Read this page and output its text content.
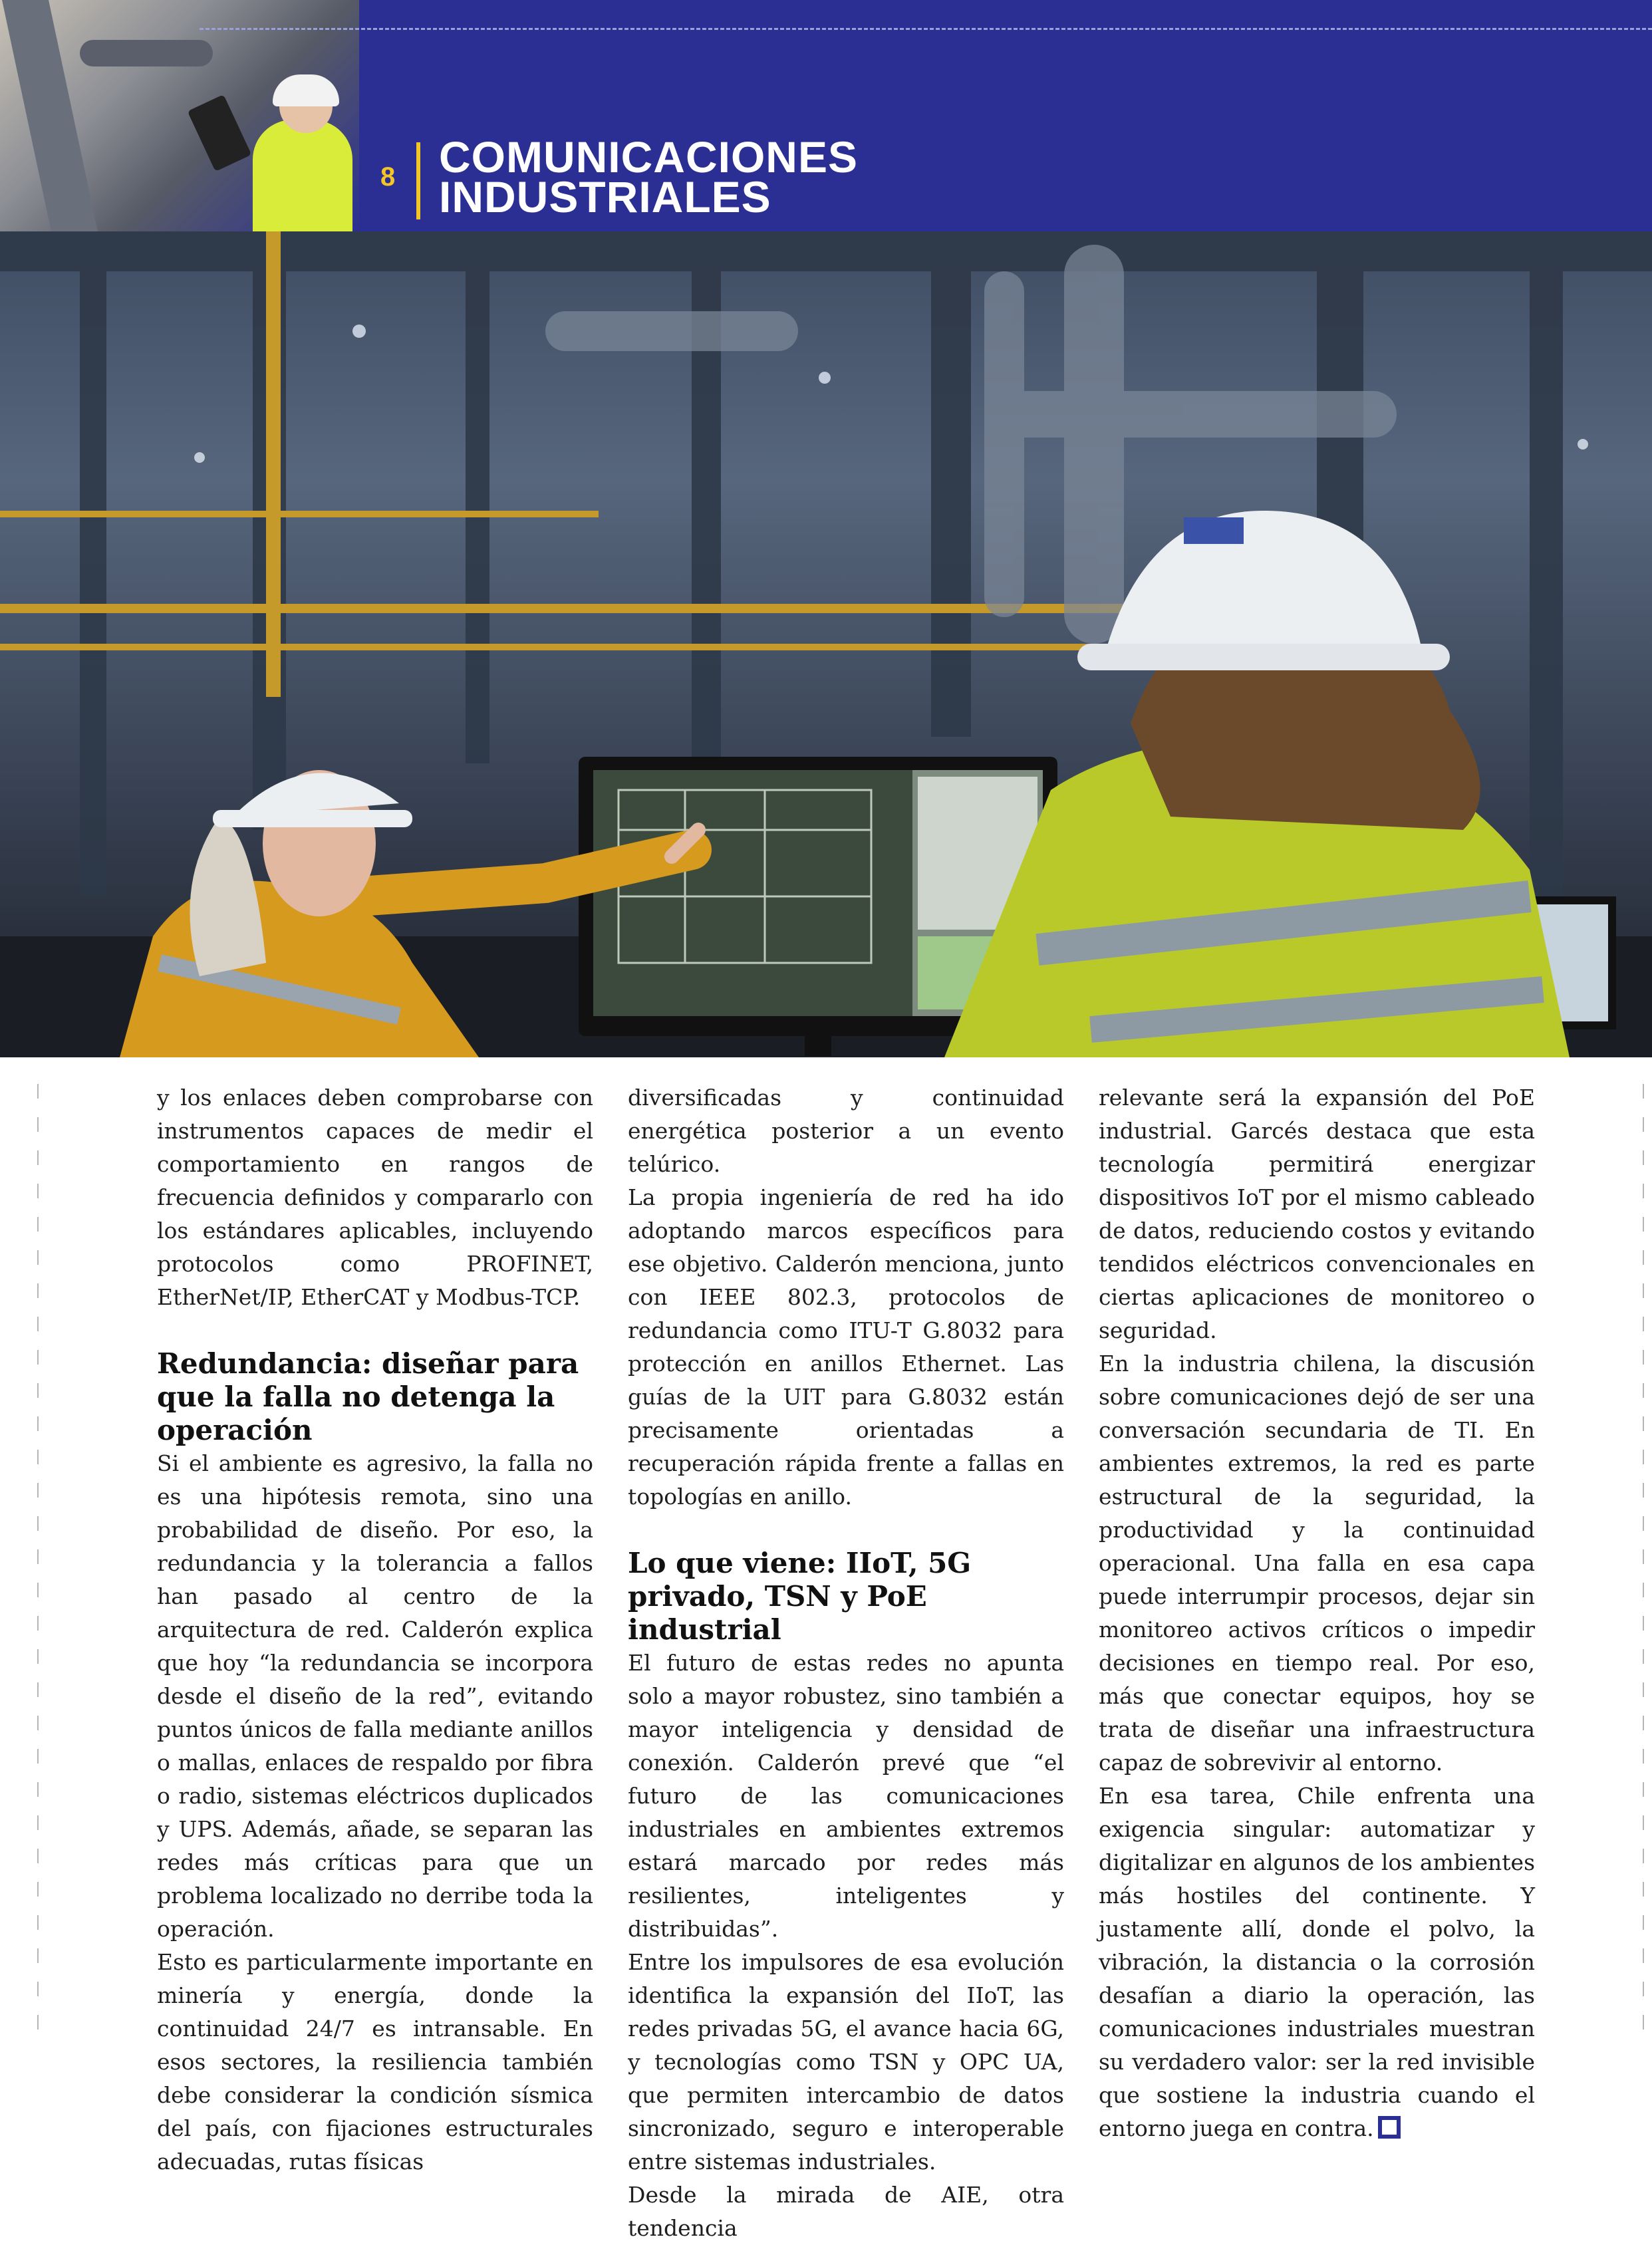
8 COMUNICACIONES
INDUSTRIALES

y los enlaces deben comprobarse con instrumentos capaces de medir el comportamiento en rangos de frecuencia definidos y compararlo con los estándares aplicables, incluyendo protocolos como PROFINET, EtherNet/IP, EtherCAT y Modbus-TCP.

Redundancia: diseñar para que la falla no detenga la operación

Si el ambiente es agresivo, la falla no es una hipótesis remota, sino una probabilidad de diseño. Por eso, la redundancia y la tolerancia a fallos han pasado al centro de la arquitectura de red. Calderón explica que hoy “la redundancia se incorpora desde el diseño de la red”, evitando puntos únicos de falla mediante anillos o mallas, enlaces de respaldo por fibra o radio, sistemas eléctricos duplicados y UPS. Además, añade, se separan las redes más críticas para que un problema localizado no derribe toda la operación.

Esto es particularmente importante en minería y energía, donde la continuidad 24/7 es intransable. En esos sectores, la resiliencia también debe considerar la condición sísmica del país, con fijaciones estructurales adecuadas, rutas físicas

diversificadas y continuidad energética posterior a un evento telúrico.

La propia ingeniería de red ha ido adoptando marcos específicos para ese objetivo. Calderón menciona, junto con IEEE 802.3, protocolos de redundancia como ITU-T G.8032 para protección en anillos Ethernet. Las guías de la UIT para G.8032 están precisamente orientadas a recuperación rápida frente a fallas en topologías en anillo.

Lo que viene: IIoT, 5G privado, TSN y PoE industrial

El futuro de estas redes no apunta solo a mayor robustez, sino también a mayor inteligencia y densidad de conexión. Calderón prevé que “el futuro de las comunicaciones industriales en ambientes extremos estará marcado por redes más resilientes, inteligentes y distribuidas”.

Entre los impulsores de esa evolución identifica la expansión del IIoT, las redes privadas 5G, el avance hacia 6G, y tecnologías como TSN y OPC UA, que permiten intercambio de datos sincronizado, seguro e interoperable entre sistemas industriales.

Desde la mirada de AIE, otra tendencia

relevante será la expansión del PoE industrial. Garcés destaca que esta tecnología permitirá energizar dispositivos IoT por el mismo cableado de datos, reduciendo costos y evitando tendidos eléctricos convencionales en ciertas aplicaciones de monitoreo o seguridad.

En la industria chilena, la discusión sobre comunicaciones dejó de ser una conversación secundaria de TI. En ambientes extremos, la red es parte estructural de la seguridad, la productividad y la continuidad operacional. Una falla en esa capa puede interrumpir procesos, dejar sin monitoreo activos críticos o impedir decisiones en tiempo real. Por eso, más que conectar equipos, hoy se trata de diseñar una infraestructura capaz de sobrevivir al entorno.

En esa tarea, Chile enfrenta una exigencia singular: automatizar y digitalizar en algunos de los ambientes más hostiles del continente. Y justamente allí, donde el polvo, la vibración, la distancia o la corrosión desafían a diario la operación, las comunicaciones industriales muestran su verdadero valor: ser la red invisible que sostiene la industria cuando el entorno juega en contra.
